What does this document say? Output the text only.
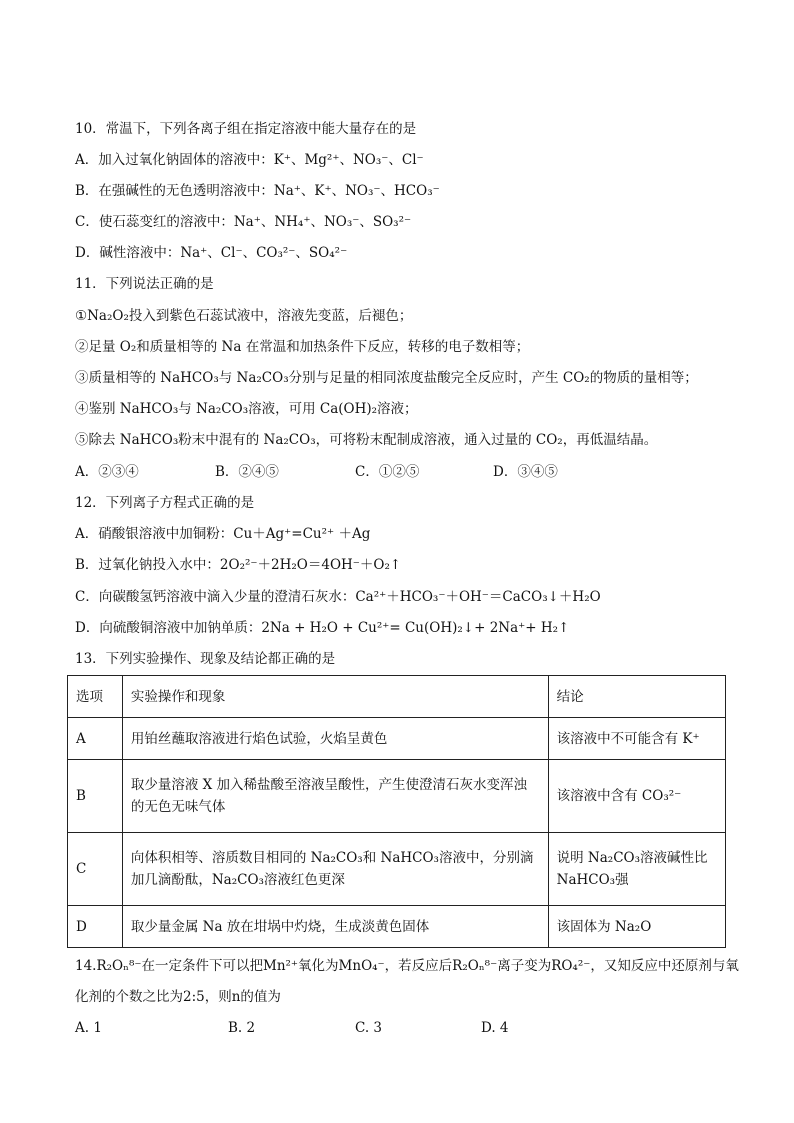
10．常温下，下列各离子组在指定溶液中能大量存在的是
A．加入过氧化钠固体的溶液中：K⁺、Mg²⁺、NO₃⁻、Cl⁻
B．在强碱性的无色透明溶液中：Na⁺、K⁺、NO₃⁻、HCO₃⁻
C．使石蕊变红的溶液中：Na⁺、NH₄⁺、NO₃⁻、SO₃²⁻
D．碱性溶液中：Na⁺、Cl⁻、CO₃²⁻、SO₄²⁻
11．下列说法正确的是
①Na₂O₂投入到紫色石蕊试液中，溶液先变蓝，后褪色；
②足量 O₂和质量相等的 Na 在常温和加热条件下反应，转移的电子数相等；
③质量相等的 NaHCO₃与 Na₂CO₃分别与足量的相同浓度盐酸完全反应时，产生 CO₂的物质的量相等；
④鉴别 NaHCO₃与 Na₂CO₃溶液，可用 Ca(OH)₂溶液；
⑤除去 NaHCO₃粉末中混有的 Na₂CO₃，可将粉末配制成溶液，通入过量的 CO₂，再低温结晶。
A．②③④	B．②④⑤	C．①②⑤	D．③④⑤
12．下列离子方程式正确的是
A．硝酸银溶液中加铜粉：Cu＋Ag⁺=Cu²⁺ ＋Ag
B．过氧化钠投入水中：2O₂²⁻＋2H₂O＝4OH⁻＋O₂↑
C．向碳酸氢钙溶液中滴入少量的澄清石灰水：Ca²⁺＋HCO₃⁻＋OH⁻＝CaCO₃↓＋H₂O
D．向硫酸铜溶液中加钠单质：2Na + H₂O + Cu²⁺= Cu(OH)₂↓+ 2Na⁺+ H₂↑
13．下列实验操作、现象及结论都正确的是
选项	实验操作和现象	结论
A	用铂丝蘸取溶液进行焰色试验，火焰呈黄色	该溶液中不可能含有 K⁺
B	取少量溶液 X 加入稀盐酸至溶液呈酸性，产生使澄清石灰水变浑浊的无色无味气体	该溶液中含有 CO₃²⁻
C	向体积相等、溶质数目相同的 Na₂CO₃和 NaHCO₃溶液中，分别滴加几滴酚酞，Na₂CO₃溶液红色更深	说明 Na₂CO₃溶液碱性比 NaHCO₃强
D	取少量金属 Na 放在坩埚中灼烧，生成淡黄色固体	该固体为 Na₂O
14.R₂Oₙ⁸⁻在一定条件下可以把Mn²⁺氧化为MnO₄⁻，若反应后R₂Oₙ⁸⁻离子变为RO₄²⁻，又知反应中还原剂与氧
化剂的个数之比为2:5，则n的值为
A. 1	B. 2	C. 3	D. 4
